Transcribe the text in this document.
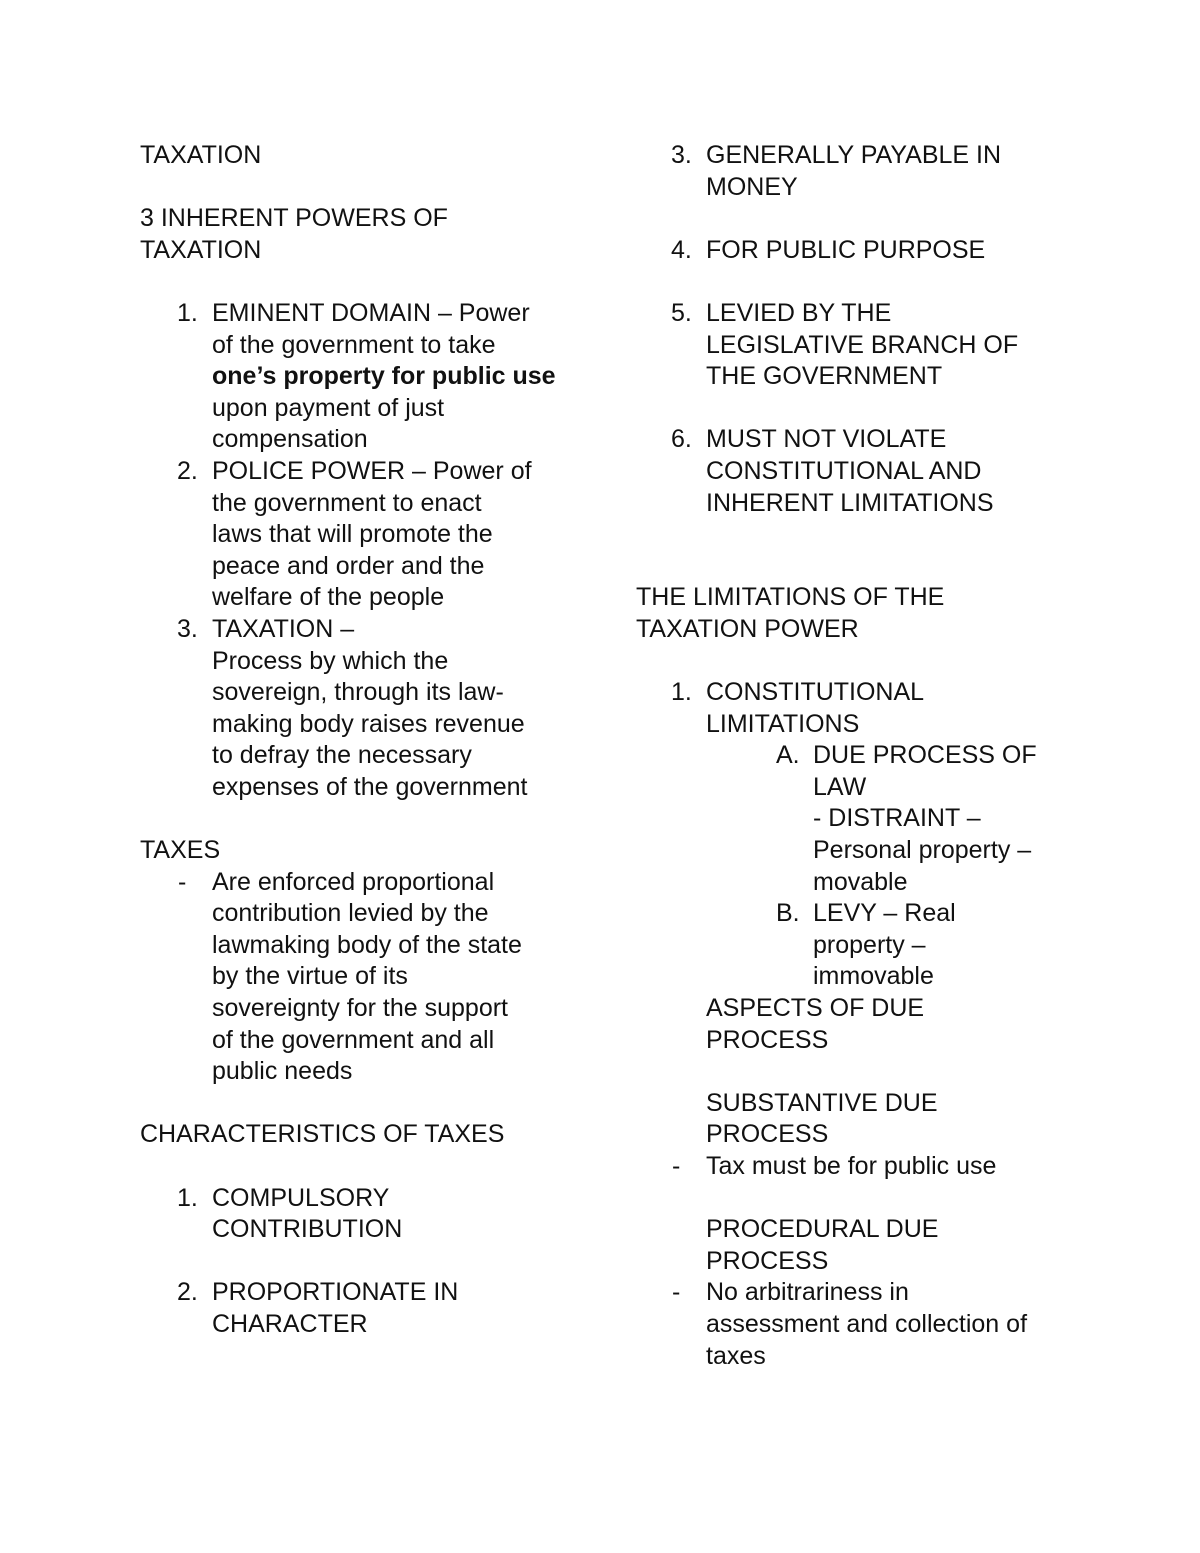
TAXATION

3 INHERENT POWERS OF

TAXATION

1. EMINENT DOMAIN – Power

of the government to take

one’s property for public use

upon payment of just

compensation

2. POLICE POWER – Power of

the government to enact

laws that will promote the

peace and order and the

welfare of the people

3. TAXATION –

Process by which the

sovereign, through its law-

making body raises revenue

to defray the necessary

expenses of the government

TAXES

- Are enforced proportional

contribution levied by the

lawmaking body of the state

by the virtue of its

sovereignty for the support

of the government and all

public needs

CHARACTERISTICS OF TAXES

1. COMPULSORY

CONTRIBUTION

2. PROPORTIONATE IN

CHARACTER

3. GENERALLY PAYABLE IN

MONEY

4. FOR PUBLIC PURPOSE

5. LEVIED BY THE

LEGISLATIVE BRANCH OF

THE GOVERNMENT

6. MUST NOT VIOLATE

CONSTITUTIONAL AND

INHERENT LIMITATIONS

THE LIMITATIONS OF THE

TAXATION POWER

1. CONSTITUTIONAL

LIMITATIONS

A. DUE PROCESS OF

LAW

- DISTRAINT –

Personal property –

movable

B. LEVY – Real

property –

immovable

ASPECTS OF DUE

PROCESS

SUBSTANTIVE DUE

PROCESS

- Tax must be for public use

PROCEDURAL DUE

PROCESS

- No arbitrariness in

assessment and collection of

taxes
